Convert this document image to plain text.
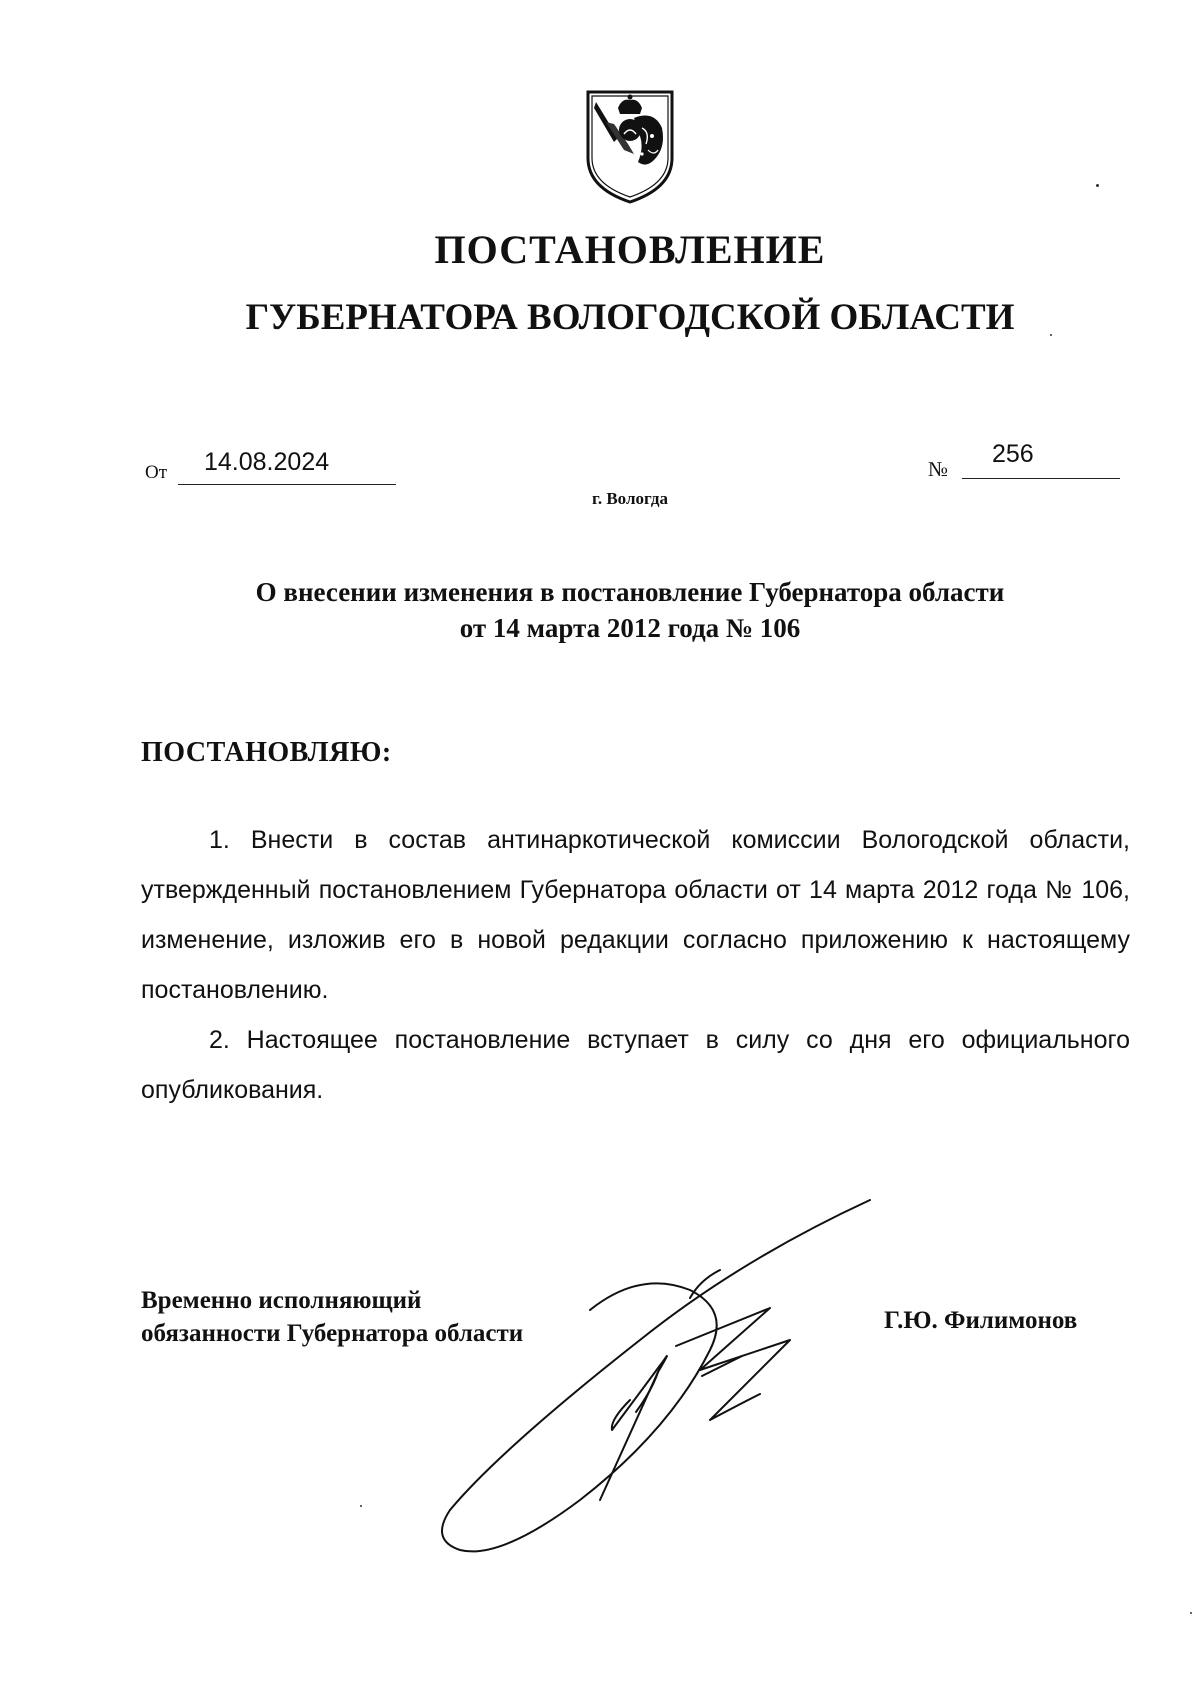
ПОСТАНОВЛЕНИЕ
ГУБЕРНАТОРА ВОЛОГОДСКОЙ ОБЛАСТИ
От 14.08.2024	№
256
г. Вологда
О внесении изменения в постановление Губернатора области
от 14 марта 2012 года № 106
ПОСТАНОВЛЯЮ:

1. Внести в состав антинаркотической комиссии Вологодской области, утвержденный постановлением Губернатора области от 14 марта 2012 года № 106, изменение, изложив его в новой редакции согласно приложению к настоящему постановлению.

2. Настоящее постановление вступает в силу со дня его официального опубликования.

Временно исполняющий
обязанности Губернатора области	Г.Ю. Филимонов
